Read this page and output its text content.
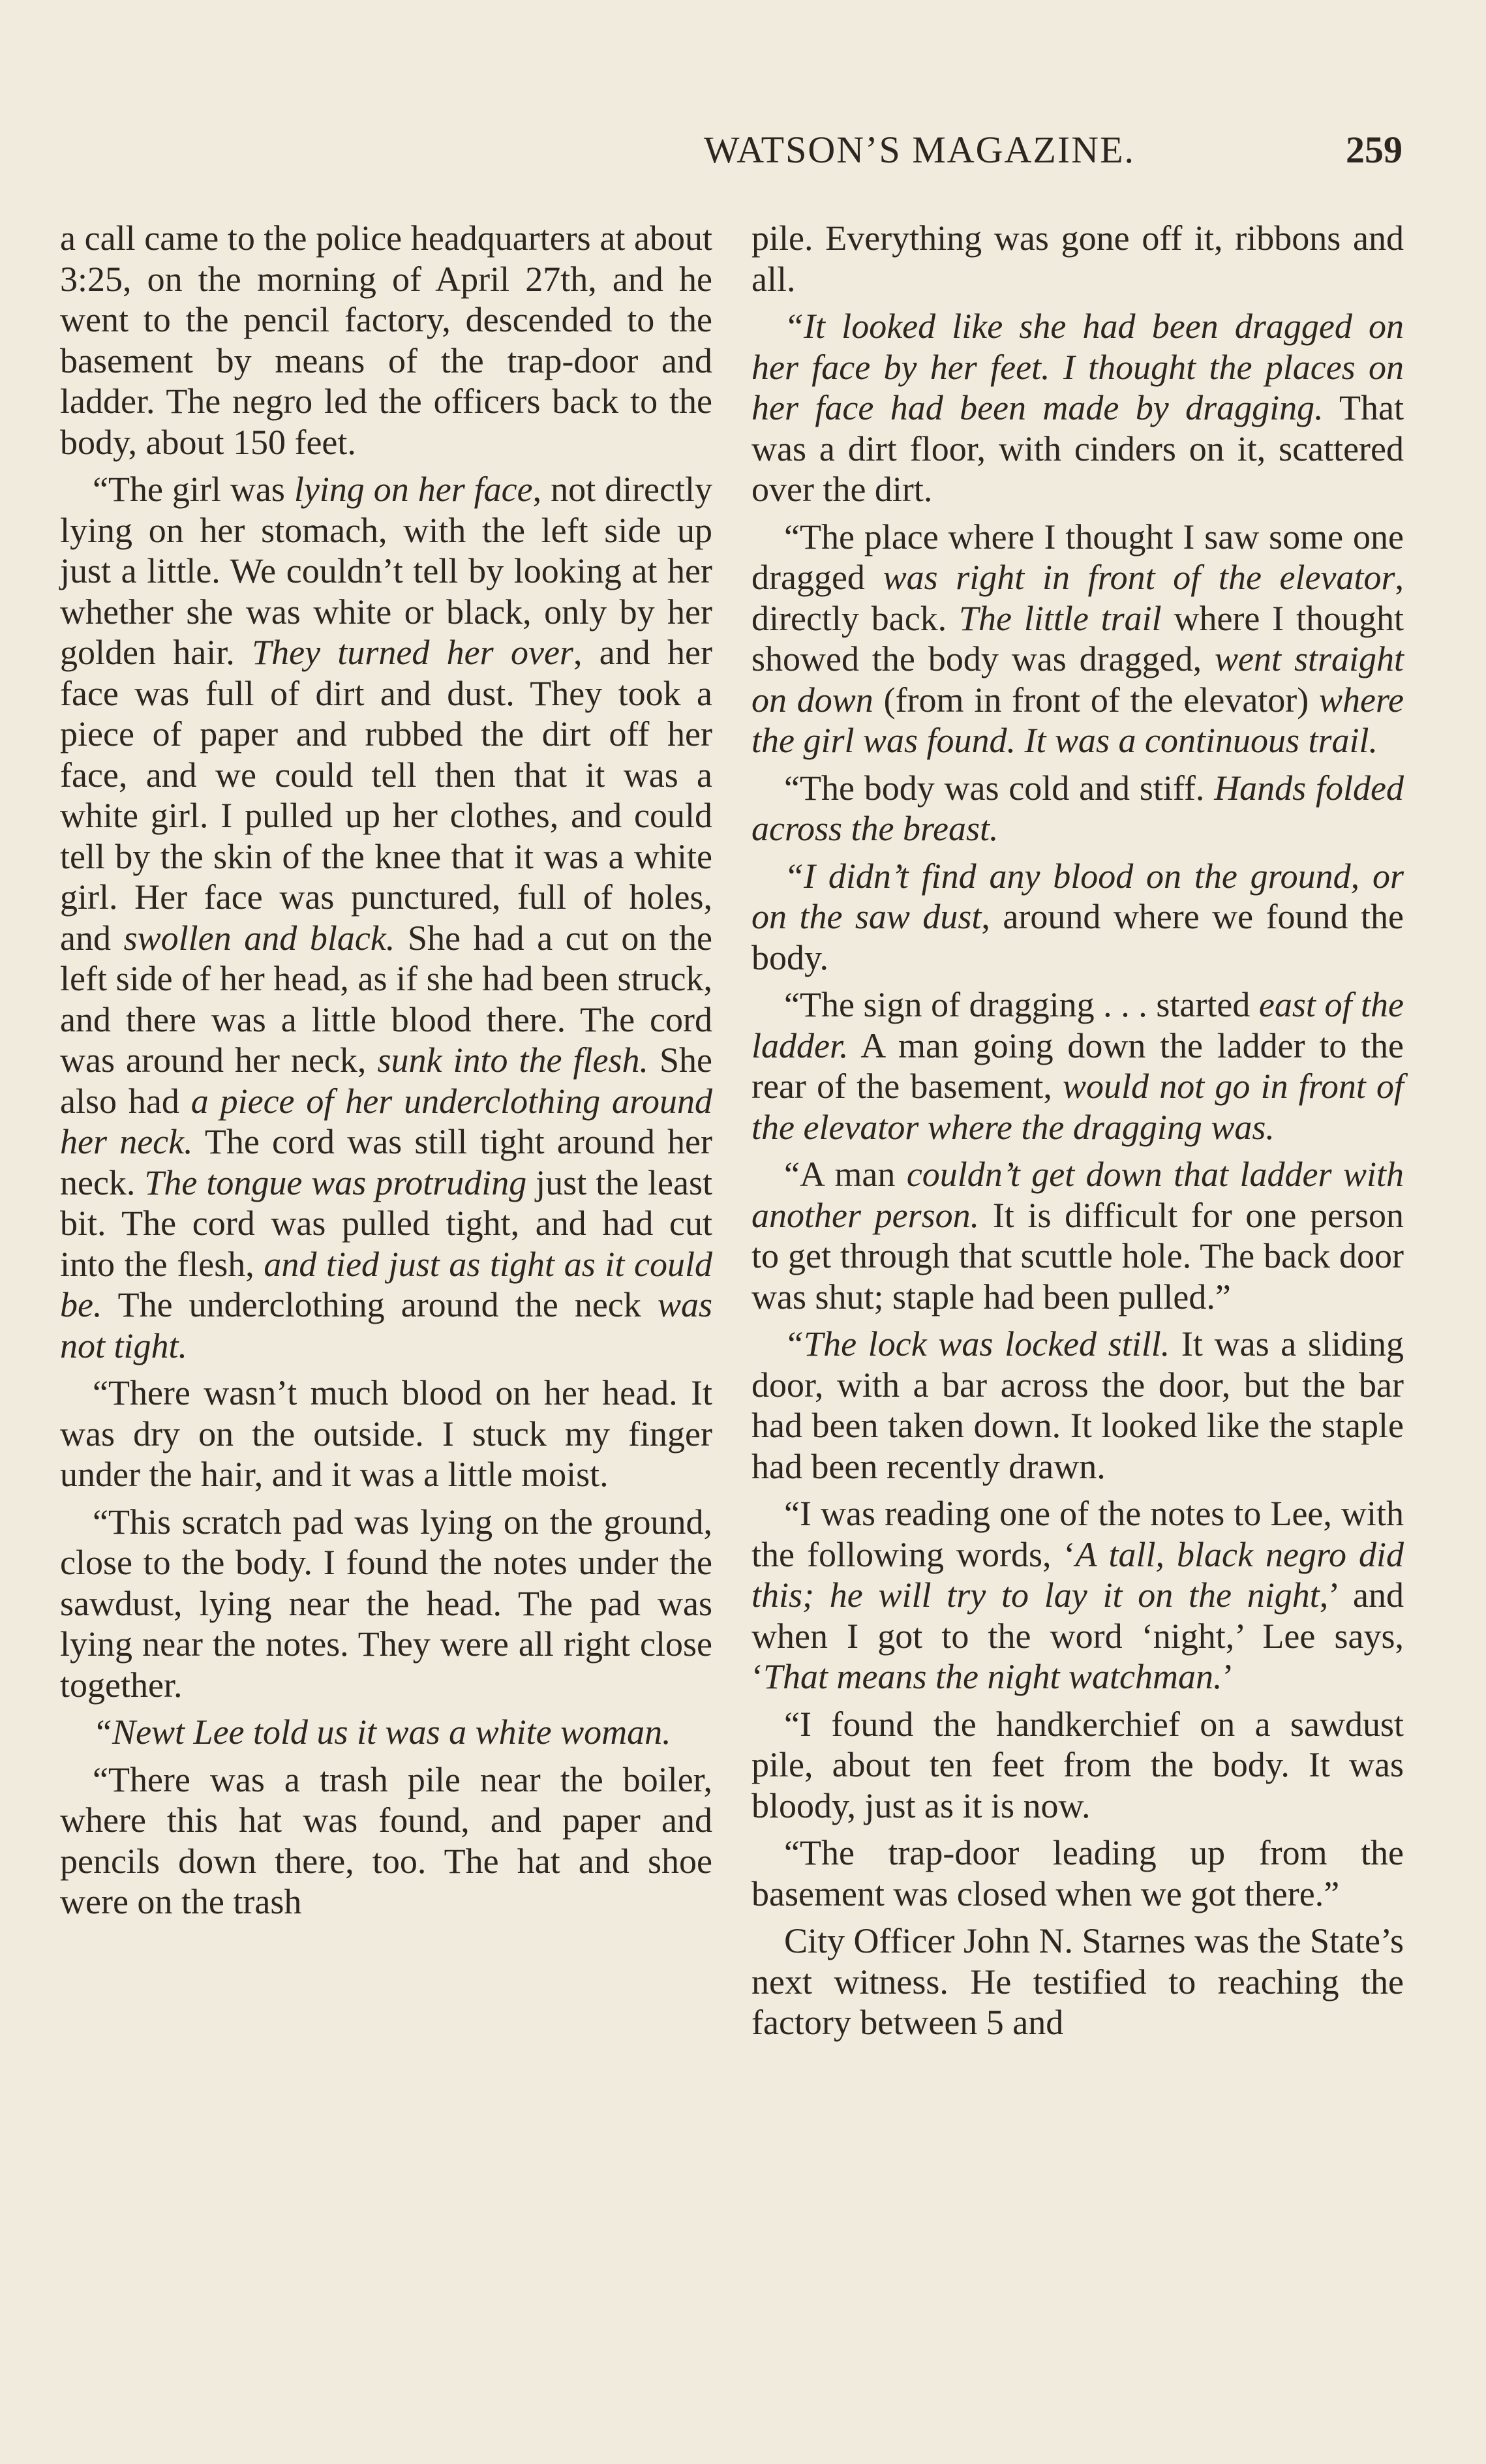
WATSON’S MAGAZINE.	259

a call came to the police headquarters at about 3:25, on the morning of April 27th, and he went to the pencil factory, descended to the basement by means of the trap-door and ladder. The negro led the officers back to the body, about 150 feet.

“The girl was lying on her face, not directly lying on her stomach, with the left side up just a little. We couldn’t tell by looking at her whether she was white or black, only by her golden hair. They turned her over, and her face was full of dirt and dust. They took a piece of paper and rubbed the dirt off her face, and we could tell then that it was a white girl. I pulled up her clothes, and could tell by the skin of the knee that it was a white girl. Her face was punctured, full of holes, and swollen and black. She had a cut on the left side of her head, as if she had been struck, and there was a little blood there. The cord was around her neck, sunk into the flesh. She also had a piece of her underclothing around her neck. The cord was still tight around her neck. The tongue was protruding just the least bit. The cord was pulled tight, and had cut into the flesh, and tied just as tight as it could be. The underclothing around the neck was not tight.

“There wasn’t much blood on her head. It was dry on the outside. I stuck my finger under the hair, and it was a little moist.

“This scratch pad was lying on the ground, close to the body. I found the notes under the sawdust, lying near the head. The pad was lying near the notes. They were all right close together.

“Newt Lee told us it was a white woman.

“There was a trash pile near the boiler, where this hat was found, and paper and pencils down there, too. The hat and shoe were on the trash

pile. Everything was gone off it, ribbons and all.

“It looked like she had been dragged on her face by her feet. I thought the places on her face had been made by dragging. That was a dirt floor, with cinders on it, scattered over the dirt.

“The place where I thought I saw some one dragged was right in front of the elevator, directly back. The little trail where I thought showed the body was dragged, went straight on down (from in front of the elevator) where the girl was found. It was a continuous trail.

“The body was cold and stiff. Hands folded across the breast.

“I didn’t find any blood on the ground, or on the saw dust, around where we found the body.

“The sign of dragging . . . started east of the ladder. A man going down the ladder to the rear of the basement, would not go in front of the elevator where the dragging was.

“A man couldn’t get down that ladder with another person. It is difficult for one person to get through that scuttle hole. The back door was shut; staple had been pulled.”

“The lock was locked still. It was a sliding door, with a bar across the door, but the bar had been taken down. It looked like the staple had been recently drawn.

“I was reading one of the notes to Lee, with the following words, ‘A tall, black negro did this; he will try to lay it on the night,’ and when I got to the word ‘night,’ Lee says, ‘That means the night watchman.’

“I found the handkerchief on a sawdust pile, about ten feet from the body. It was bloody, just as it is now.

“The trap-door leading up from the basement was closed when we got there.”

City Officer John N. Starnes was the State’s next witness. He testified to reaching the factory between 5 and
